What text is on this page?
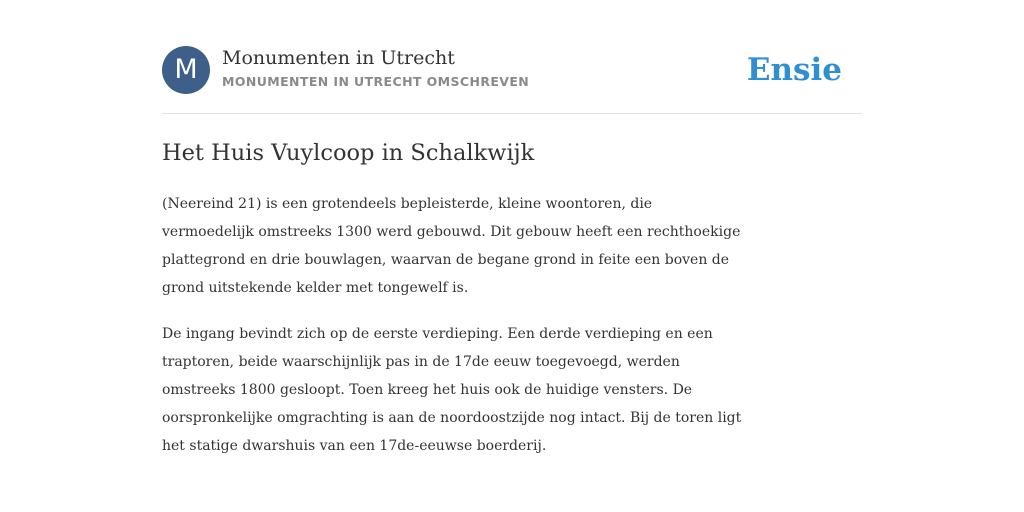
M	Monumenten in Utrecht
MONUMENTEN IN UTRECHT OMSCHREVEN	Ensie
Het Huis Vuylcoop in Schalkwijk

(Neereind 21) is een grotendeels bepleisterde, kleine woontoren, die
vermoedelijk omstreeks 1300 werd gebouwd. Dit gebouw heeft een rechthoekige
plattegrond en drie bouwlagen, waarvan de begane grond in feite een boven de
grond uitstekende kelder met tongewelf is.

De ingang bevindt zich op de eerste verdieping. Een derde verdieping en een
traptoren, beide waarschijnlijk pas in de 17de eeuw toegevoegd, werden
omstreeks 1800 gesloopt. Toen kreeg het huis ook de huidige vensters. De
oorspronkelijke omgrachting is aan de noordoostzijde nog intact. Bij de toren ligt
het statige dwarshuis van een 17de-eeuwse boerderij.
